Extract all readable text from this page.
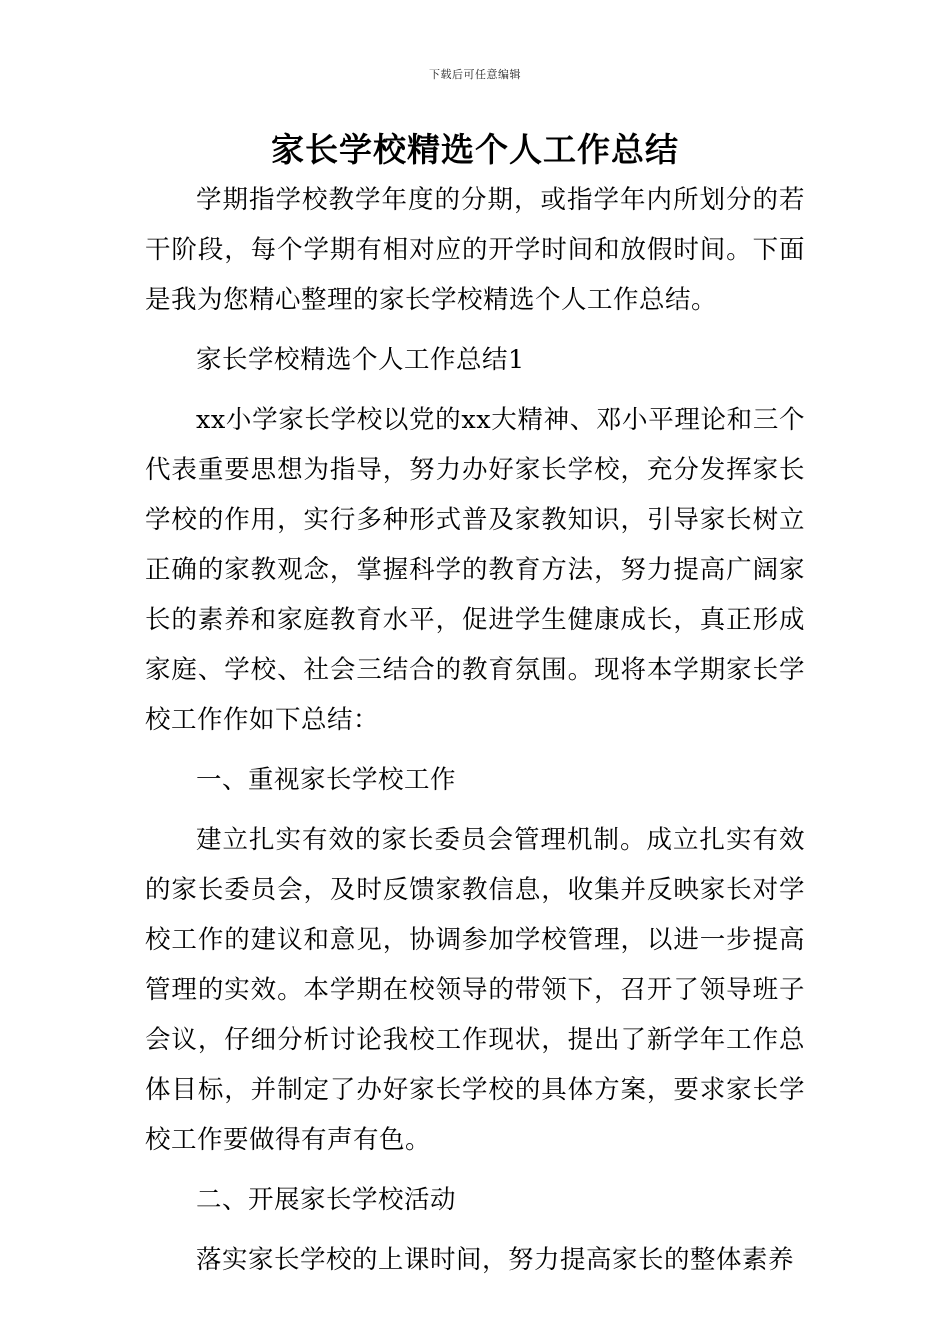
下载后可任意编辑
家长学校精选个人工作总结

学期指学校教学年度的分期，或指学年内所划分的若干阶段，每个学期有相对应的开学时间和放假时间。下面是我为您精心整理的家长学校精选个人工作总结。

家长学校精选个人工作总结1

xx小学家长学校以党的xx大精神、邓小平理论和三个代表重要思想为指导，努力办好家长学校，充分发挥家长学校的作用，实行多种形式普及家教知识，引导家长树立正确的家教观念，掌握科学的教育方法，努力提高广阔家长的素养和家庭教育水平，促进学生健康成长，真正形成家庭、学校、社会三结合的教育氛围。现将本学期家长学校工作作如下总结：

一、重视家长学校工作

建立扎实有效的家长委员会管理机制。成立扎实有效的家长委员会，及时反馈家教信息，收集并反映家长对学校工作的建议和意见，协调参加学校管理，以进一步提高管理的实效。本学期在校领导的带领下，召开了领导班子会议，仔细分析讨论我校工作现状，提出了新学年工作总体目标，并制定了办好家长学校的具体方案，要求家长学校工作要做得有声有色。

二、开展家长学校活动

落实家长学校的上课时间，努力提高家长的整体素养
